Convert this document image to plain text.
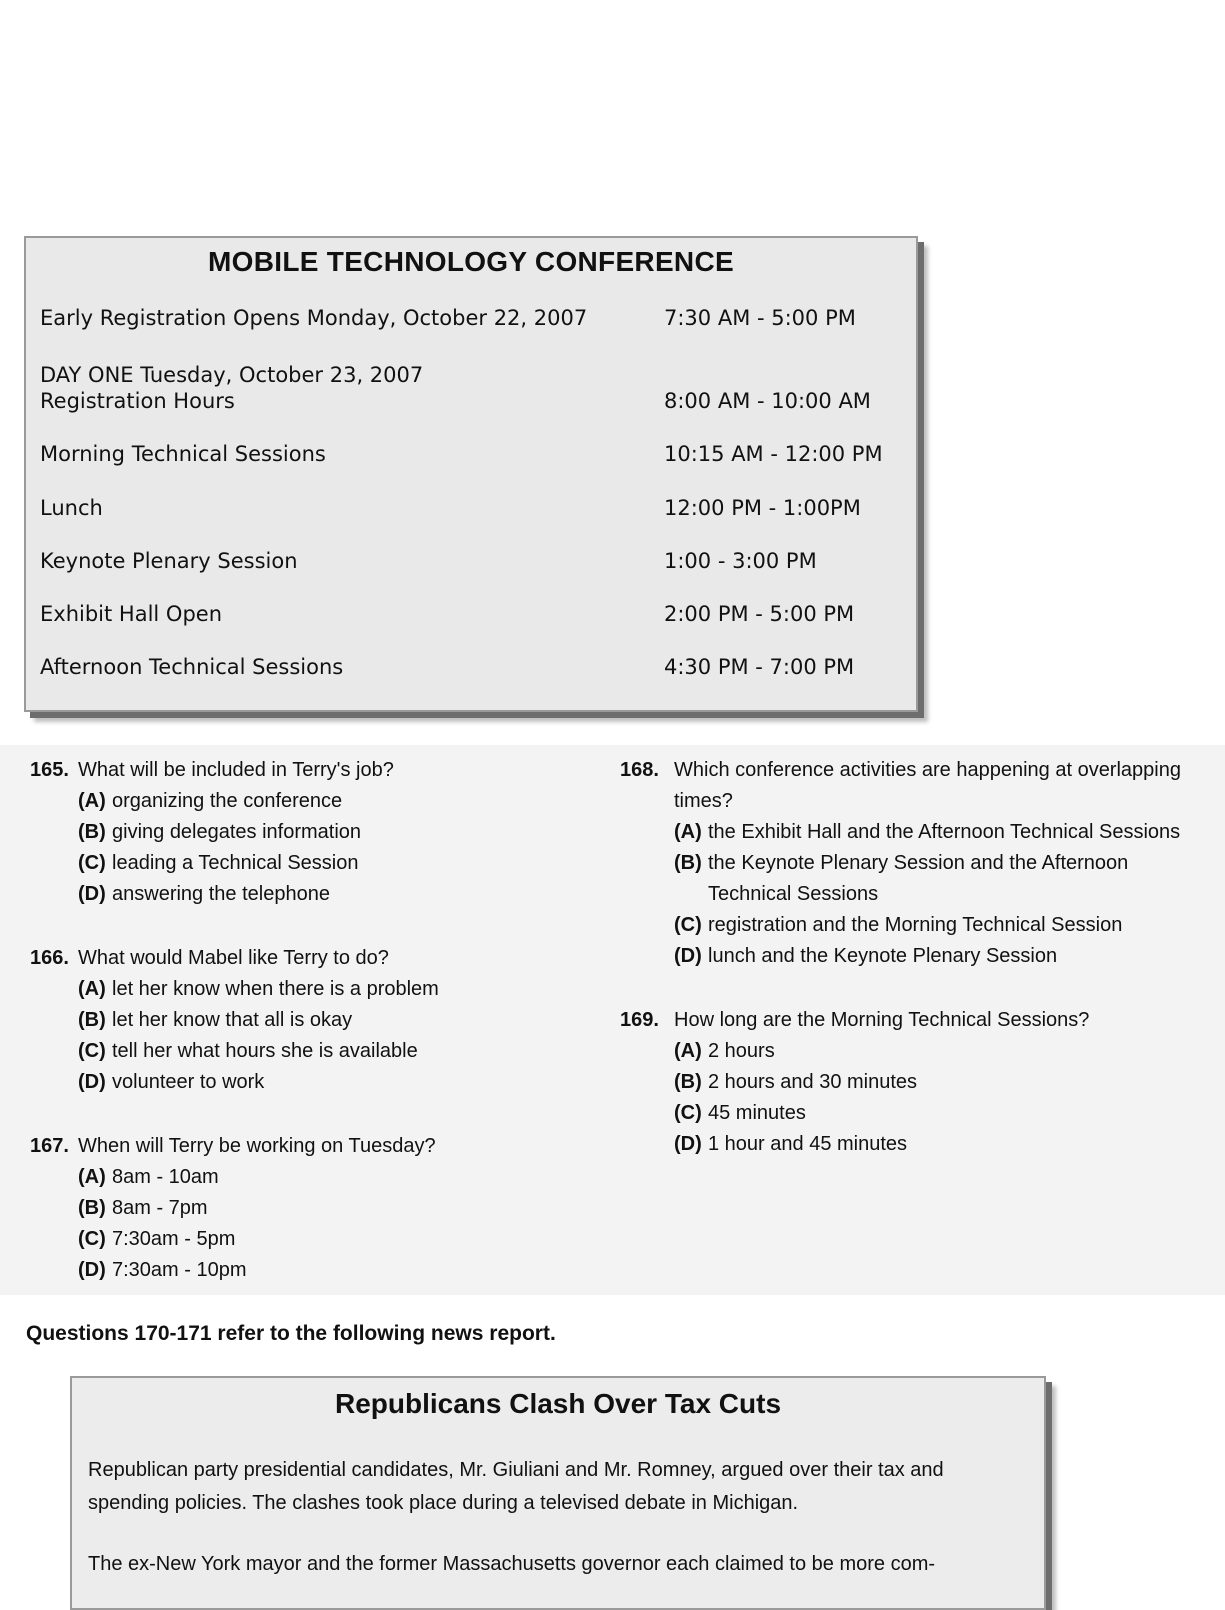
MOBILE TECHNOLOGY CONFERENCE
Early Registration Opens Monday, October 22, 2007	7:30 AM - 5:00 PM
DAY ONE Tuesday, October 23, 2007
Registration Hours	8:00 AM - 10:00 AM
Morning Technical Sessions	10:15 AM - 12:00 PM
Lunch	12:00 PM - 1:00PM
Keynote Plenary Session	1:00 - 3:00 PM
Exhibit Hall Open	2:00 PM - 5:00 PM
Afternoon Technical Sessions	4:30 PM - 7:00 PM
165. What will be included in Terry's job?
(A) organizing the conference
(B) giving delegates information
(C) leading a Technical Session
(D) answering the telephone
166. What would Mabel like Terry to do?
(A) let her know when there is a problem
(B) let her know that all is okay
(C) tell her what hours she is available
(D) volunteer to work
167. When will Terry be working on Tuesday?
(A) 8am - 10am
(B) 8am - 7pm
(C) 7:30am - 5pm
(D) 7:30am - 10pm
168. Which conference activities are happening at overlapping
times?
(A) the Exhibit Hall and the Afternoon Technical Sessions
(B) the Keynote Plenary Session and the Afternoon
Technical Sessions
(C) registration and the Morning Technical Session
(D) lunch and the Keynote Plenary Session
169. How long are the Morning Technical Sessions?
(A) 2 hours
(B) 2 hours and 30 minutes
(C) 45 minutes
(D) 1 hour and 45 minutes
Questions 170-171 refer to the following news report.
Republicans Clash Over Tax Cuts
Republican party presidential candidates, Mr. Giuliani and Mr. Romney, argued over their tax and
spending policies. The clashes took place during a televised debate in Michigan.
The ex-New York mayor and the former Massachusetts governor each claimed to be more com-
